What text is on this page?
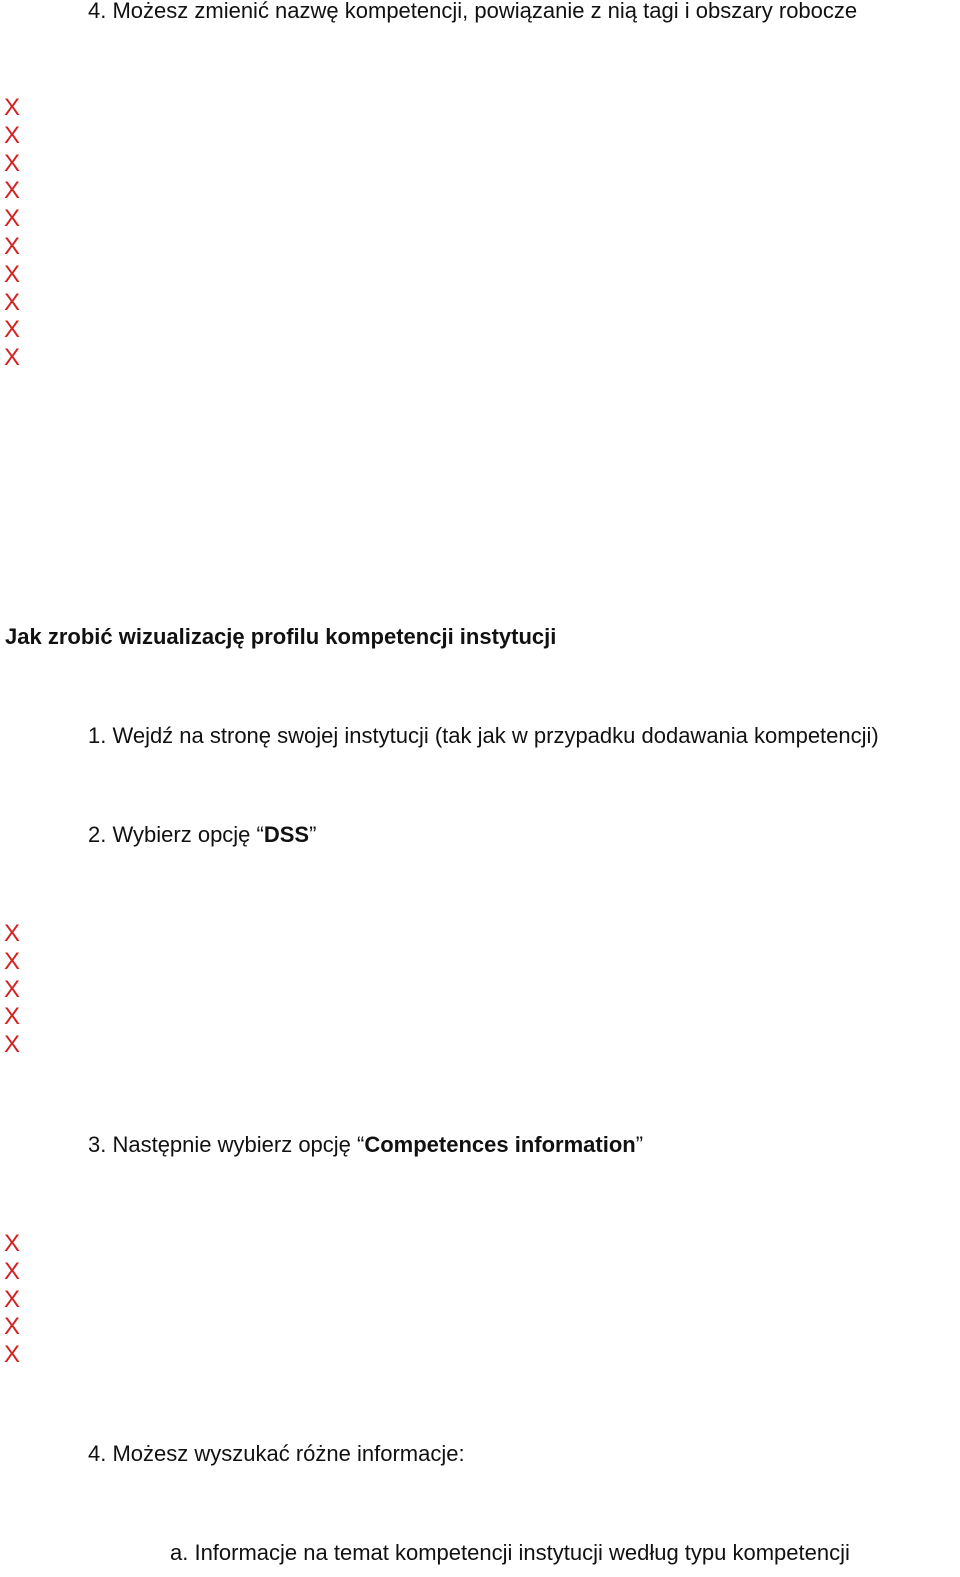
4. Możesz zmienić nazwę kompetencji, powiązanie z nią tagi i obszary robocze
X
X
X
X
X
X
X
X
X
X
Jak zrobić wizualizację profilu kompetencji instytucji
1. Wejdź na stronę swojej instytucji (tak jak w przypadku dodawania kompetencji)
2. Wybierz opcję “DSS”
X
X
X
X
X
3. Następnie wybierz opcję “Competences information”
X
X
X
X
X
4. Możesz wyszukać różne informacje:
a. Informacje na temat kompetencji instytucji według typu kompetencji
